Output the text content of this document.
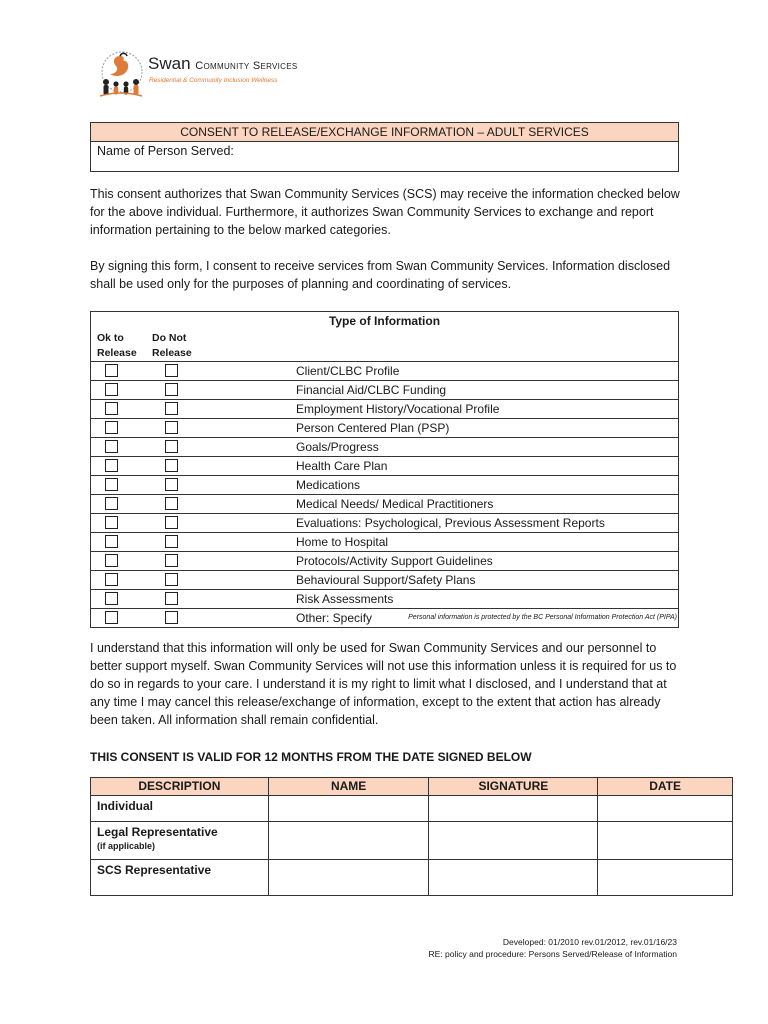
Swan Community Services
Residential & Community Inclusion Wellness
CONSENT TO RELEASE/EXCHANGE INFORMATION – ADULT SERVICES
Name of Person Served:

This consent authorizes that Swan Community Services (SCS) may receive the information checked below for the above individual. Furthermore, it authorizes Swan Community Services to exchange and report information pertaining to the below marked categories.

By signing this form, I consent to receive services from Swan Community Services. Information disclosed shall be used only for the purposes of planning and coordinating of services.

Type of Information
Ok to
Release
Do Not
Release
Client/CLBC Profile
Financial Aid/CLBC Funding
Employment History/Vocational Profile
Person Centered Plan (PSP)
Goals/Progress
Health Care Plan
Medications
Medical Needs/ Medical Practitioners
Evaluations: Psychological, Previous Assessment Reports
Home to Hospital
Protocols/Activity Support Guidelines
Behavioural Support/Safety Plans
Risk Assessments
Other: Specify	Personal information is protected by the BC Personal Information Protection Act (PIPA)

I understand that this information will only be used for Swan Community Services and our personnel to better support myself. Swan Community Services will not use this information unless it is required for us to do so in regards to your care. I understand it is my right to limit what I disclosed, and I understand that at any time I may cancel this release/exchange of information, except to the extent that action has already been taken. All information shall remain confidential.

THIS CONSENT IS VALID FOR 12 MONTHS FROM THE DATE SIGNED BELOW
DESCRIPTION	NAME	SIGNATURE	DATE
Individual			
Legal Representative
(if applicable)			

SCS Representative			
Developed: 01/2010 rev.01/2012, rev.01/16/23
RE: policy and procedure: Persons Served/Release of Information
